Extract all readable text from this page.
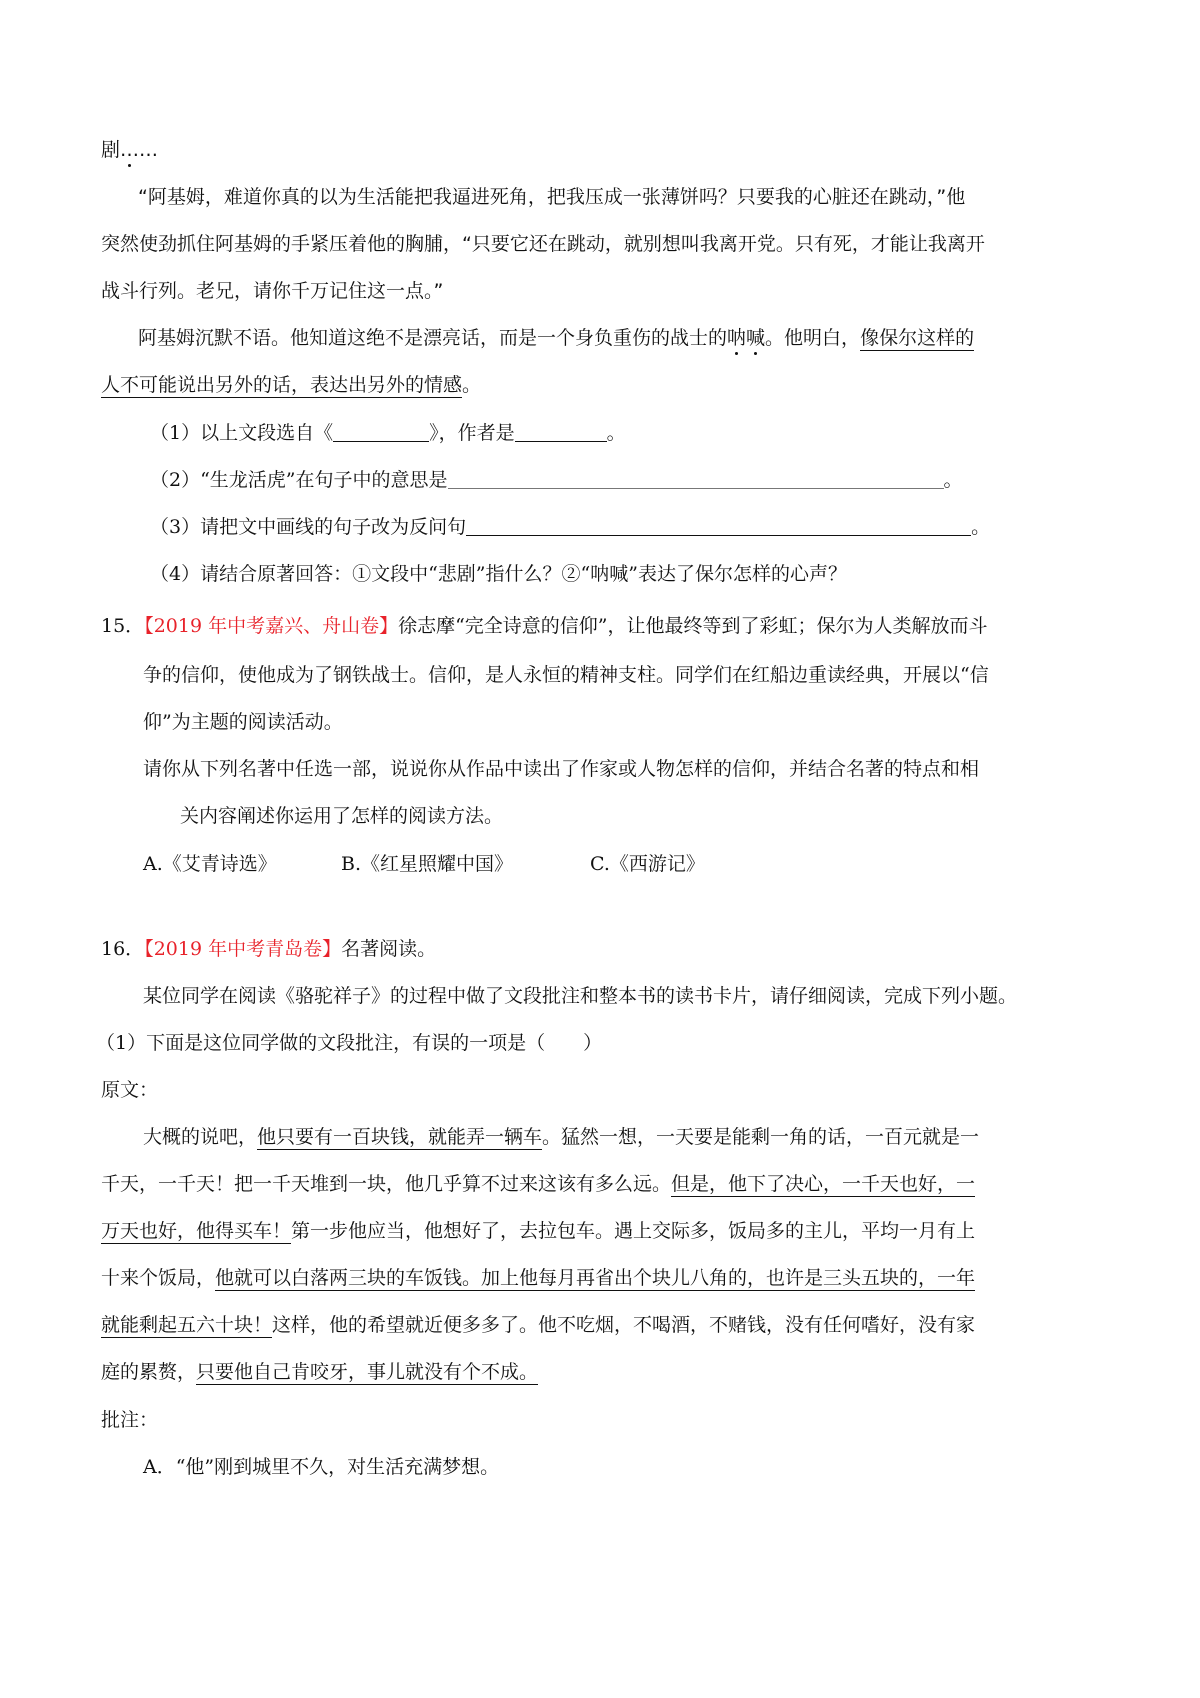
剧……
“阿基姆，难道你真的以为生活能把我逼进死角，把我压成一张薄饼吗？只要我的心脏还在跳动，”他
突然使劲抓住阿基姆的手紧压着他的胸脯，“只要它还在跳动，就别想叫我离开党。只有死，才能让我离开
战斗行列。老兄，请你千万记住这一点。”
阿基姆沉默不语。他知道这绝不是漂亮话，而是一个身负重伤的战士的呐喊。他明白，像保尔这样的
人不可能说出另外的话，表达出另外的情感。
（1）以上文段选自《	》，作者是	。
（2）“生龙活虎”在句子中的意思是	。
（3）请把文中画线的句子改为反问句	。
（4）请结合原著回答：①文段中“悲剧”指什么？②“呐喊”表达了保尔怎样的心声？
15．【2019 年中考嘉兴、舟山卷】徐志摩“完全诗意的信仰”，让他最终等到了彩虹；保尔为人类解放而斗
争的信仰，使他成为了钢铁战士。信仰，是人永恒的精神支柱。同学们在红船边重读经典，开展以“信
仰”为主题的阅读活动。
请你从下列名著中任选一部，说说你从作品中读出了作家或人物怎样的信仰，并结合名著的特点和相
关内容阐述你运用了怎样的阅读方法。
A.《艾青诗选》	B.《红星照耀中国》	C.《西游记》
16．【2019 年中考青岛卷】名著阅读。
某位同学在阅读《骆驼祥子》的过程中做了文段批注和整本书的读书卡片，请仔细阅读，完成下列小题。
（1）下面是这位同学做的文段批注，有误的一项是（　　）
原文：
大概的说吧，他只要有一百块钱，就能弄一辆车。猛然一想，一天要是能剩一角的话，一百元就是一
千天，一千天！把一千天堆到一块，他几乎算不过来这该有多么远。但是，他下了决心，一千天也好，一
万天也好，他得买车！第一步他应当，他想好了，去拉包车。遇上交际多，饭局多的主儿，平均一月有上
十来个饭局，他就可以白落两三块的车饭钱。加上他每月再省出个块儿八角的，也许是三头五块的，一年
就能剩起五六十块！这样，他的希望就近便多多了。他不吃烟，不喝酒，不赌钱，没有任何嗜好，没有家
庭的累赘，只要他自己肯咬牙，事儿就没有个不成。
批注：
A．“他”刚到城里不久，对生活充满梦想。
